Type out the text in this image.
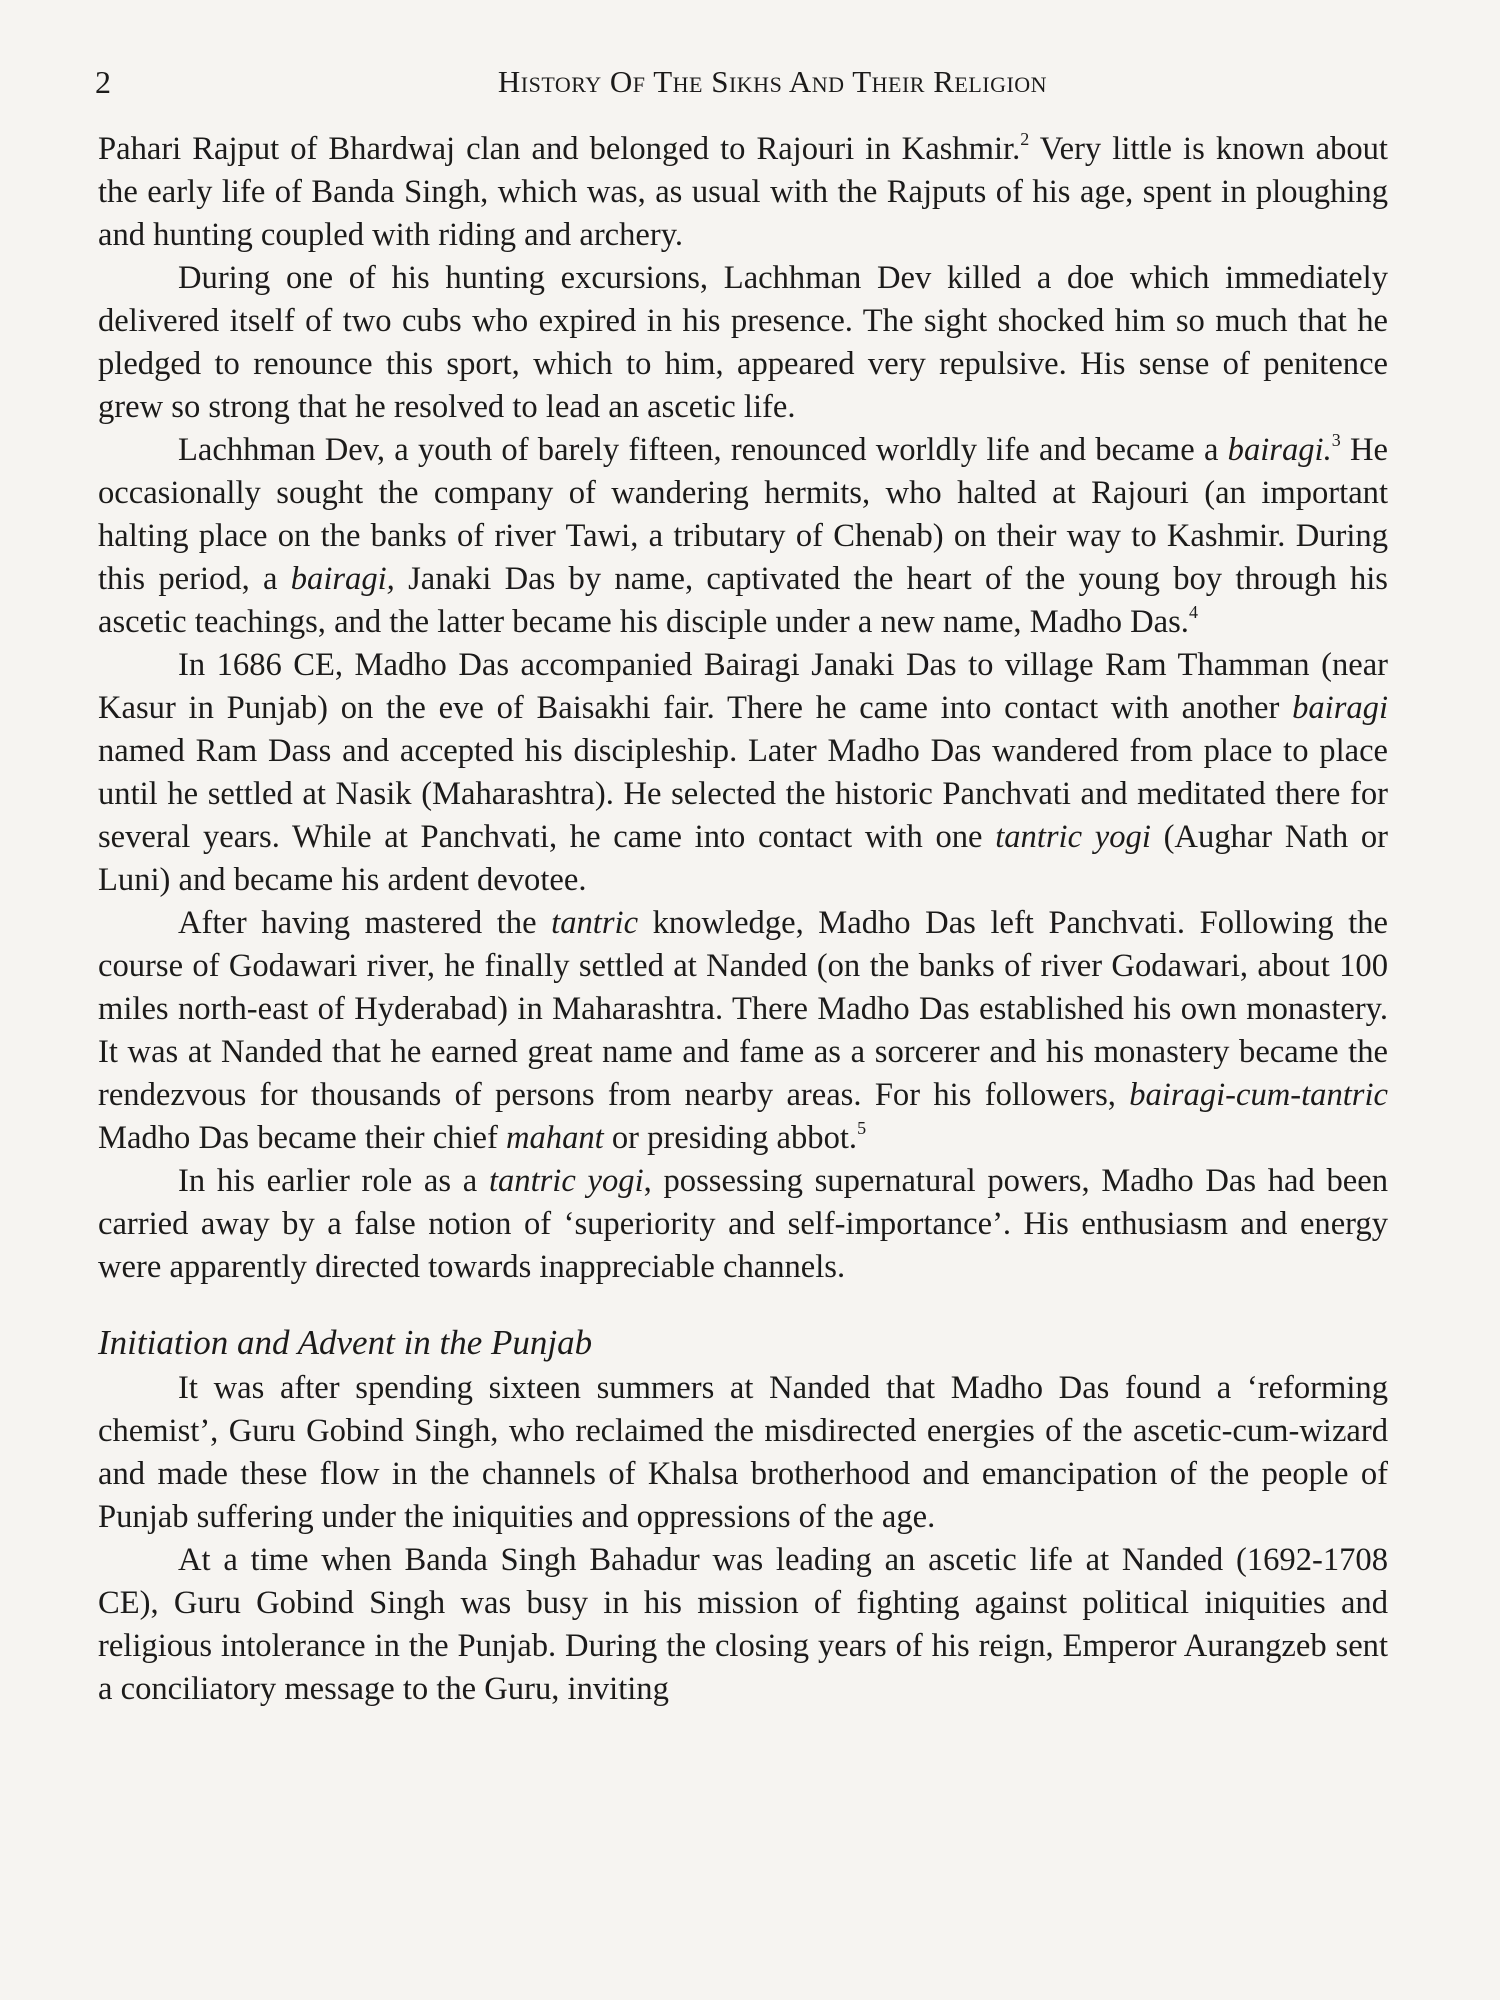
2	History Of The Sikhs And Their Religion

Pahari Rajput of Bhardwaj clan and belonged to Rajouri in Kashmir.$^2$ Very little is known about the early life of Banda Singh, which was, as usual with the Rajputs of his age, spent in ploughing and hunting coupled with riding and archery.

During one of his hunting excursions, Lachhman Dev killed a doe which immediately delivered itself of two cubs who expired in his presence. The sight shocked him so much that he pledged to renounce this sport, which to him, appeared very repulsive. His sense of penitence grew so strong that he resolved to lead an ascetic life.

Lachhman Dev, a youth of barely fifteen, renounced worldly life and became a bairagi.$^3$ He occasionally sought the company of wandering hermits, who halted at Rajouri (an important halting place on the banks of river Tawi, a tributary of Chenab) on their way to Kashmir. During this period, a bairagi, Janaki Das by name, captivated the heart of the young boy through his ascetic teachings, and the latter became his disciple under a new name, Madho Das.$^4$

In 1686 CE, Madho Das accompanied Bairagi Janaki Das to village Ram Thamman (near Kasur in Punjab) on the eve of Baisakhi fair. There he came into contact with another bairagi named Ram Dass and accepted his discipleship. Later Madho Das wandered from place to place until he settled at Nasik (Maharashtra). He selected the historic Panchvati and meditated there for several years. While at Panchvati, he came into contact with one tantric yogi (Aughar Nath or Luni) and became his ardent devotee.

After having mastered the tantric knowledge, Madho Das left Panchvati. Following the course of Godawari river, he finally settled at Nanded (on the banks of river Godawari, about 100 miles north-east of Hyderabad) in Maharashtra. There Madho Das established his own monastery. It was at Nanded that he earned great name and fame as a sorcerer and his monastery became the rendezvous for thousands of persons from nearby areas. For his followers, bairagi-cum-tantric Madho Das became their chief mahant or presiding abbot.$^5$

In his earlier role as a tantric yogi, possessing supernatural powers, Madho Das had been carried away by a false notion of ‘superiority and self-importance’. His enthusiasm and energy were apparently directed towards inappreciable channels.

Initiation and Advent in the Punjab

It was after spending sixteen summers at Nanded that Madho Das found a ‘reforming chemist’, Guru Gobind Singh, who reclaimed the misdirected energies of the ascetic-cum-wizard and made these flow in the channels of Khalsa brotherhood and emancipation of the people of Punjab suffering under the iniquities and oppressions of the age.

At a time when Banda Singh Bahadur was leading an ascetic life at Nanded (1692-1708 CE), Guru Gobind Singh was busy in his mission of fighting against political iniquities and religious intolerance in the Punjab. During the closing years of his reign, Emperor Aurangzeb sent a conciliatory message to the Guru, inviting
